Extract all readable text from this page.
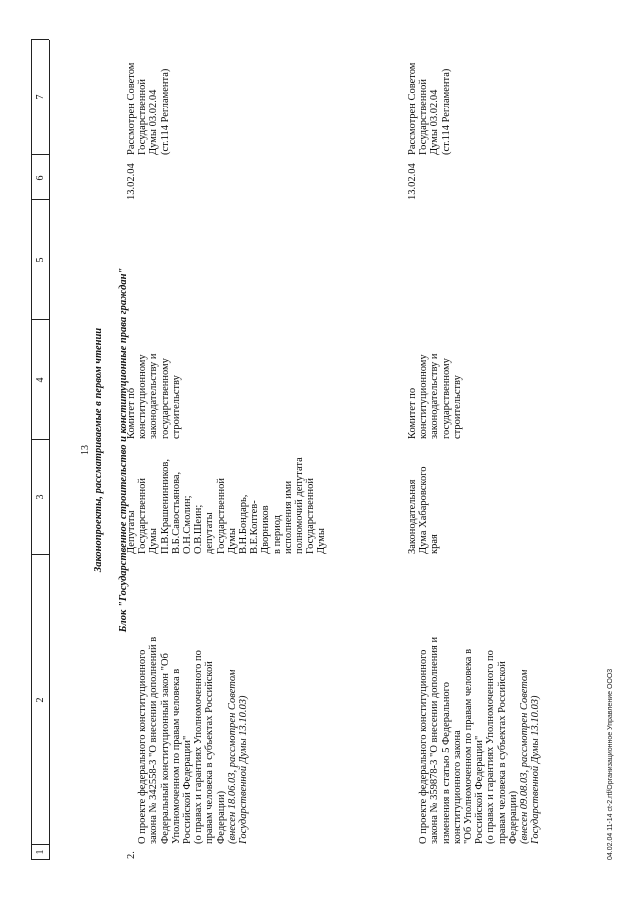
1
2
3
4
5
6
7
13 Законопроекты, рассматриваемые в первом чтении Блок "Государственное строительство и конституционные права граждан"
2.

О проекте федерального конституционного закона № 342558-3 "О внесении дополнений в Федеральный конституционный закон "Об Уполномоченном по правам человека в Российской Федерации"
(о правах и гарантиях Уполномоченного по правам человека в субъектах Российской Федерации) (внесен 18.06.03, рассмотрен Советом Государственной Думы 13.10.03)

Депутаты
Государственной
Думы
П.В.Крашенинников,
В.Б.Савостьянова,
О.Н.Смолин;
О.В.Шеин;
депутаты
Государственной
Думы
В.Н.Бондарь,
В.Е.Коптев-
Дворников
в период
исполнения ими
полномочий депутата
Государственной
Думы
Комитет по
конституционному
законодательству и
государственному
строительству
13.02.04
Рассмотрен Советом
Государственной
Думы 03.02.04
(ст.114 Регламента)

О проекте федерального конституционного закона № 359878-3 "О внесении дополнения и изменения в статью 5 Федерального конституционного закона
"Об Уполномоченном по правам человека в Российской Федерации"
(о правах и гарантиях Уполномоченного по правам человека в субъектах Российской Федерации) (внесен 09.08.03, рассмотрен Советом Государственной Думы 13.10.03)

Законодательная
Дума Хабаровского
края
Комитет по
конституционному
законодательству и
государственному
строительству
13.02.04
Рассмотрен Советом
Государственной
Думы 03.02.04
(ст.114 Регламента)
04.02.04 11-14 ct-2.rtf/Организационное Управление ООО3
